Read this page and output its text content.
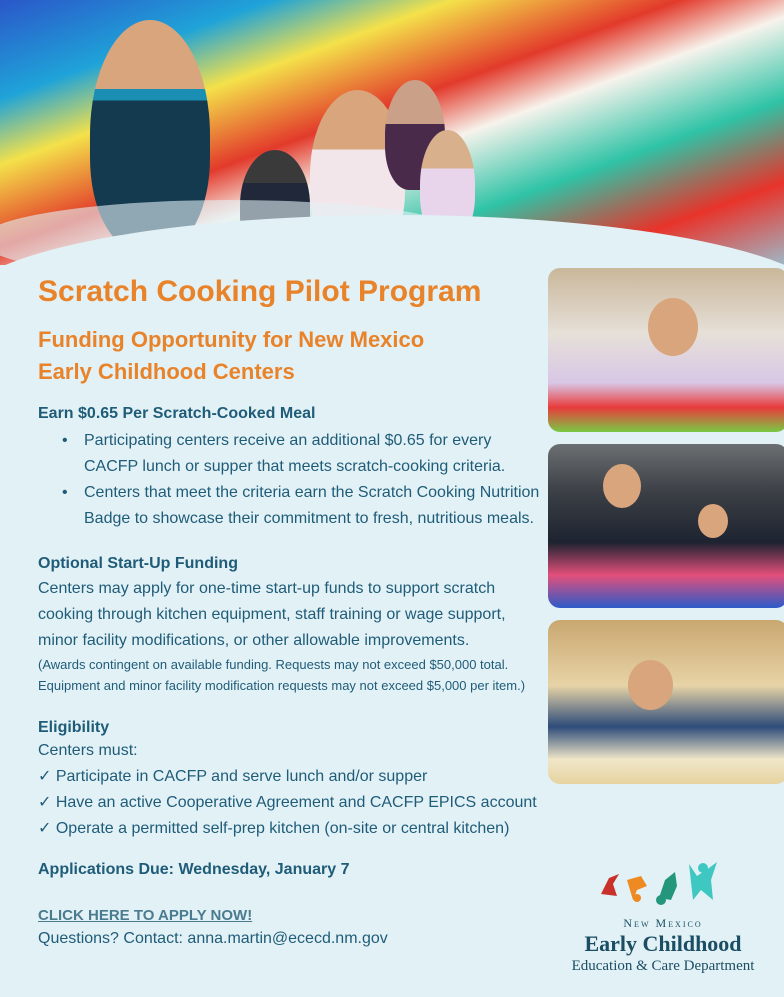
Scratch Cooking Pilot Program
Funding Opportunity for New Mexico
Early Childhood Centers
Earn $0.65 Per Scratch-Cooked Meal
• Participating centers receive an additional $0.65 for every CACFP lunch or supper that meets scratch-cooking criteria.
• Centers that meet the criteria earn the Scratch Cooking Nutrition Badge to showcase their commitment to fresh, nutritious meals.
Optional Start-Up Funding
Centers may apply for one-time start-up funds to support scratch cooking through kitchen equipment, staff training or wage support, minor facility modifications, or other allowable improvements.
(Awards contingent on available funding. Requests may not exceed $50,000 total. Equipment and minor facility modification requests may not exceed $5,000 per item.)
Eligibility
Centers must:
✓ Participate in CACFP and serve lunch and/or supper
✓ Have an active Cooperative Agreement and CACFP EPICS account
✓ Operate a permitted self-prep kitchen (on-site or central kitchen)
Applications Due: Wednesday, January 7
CLICK HERE TO APPLY NOW!
Questions? Contact: anna.martin@ececd.nm.gov
New Mexico
Early Childhood
Education & Care Department
